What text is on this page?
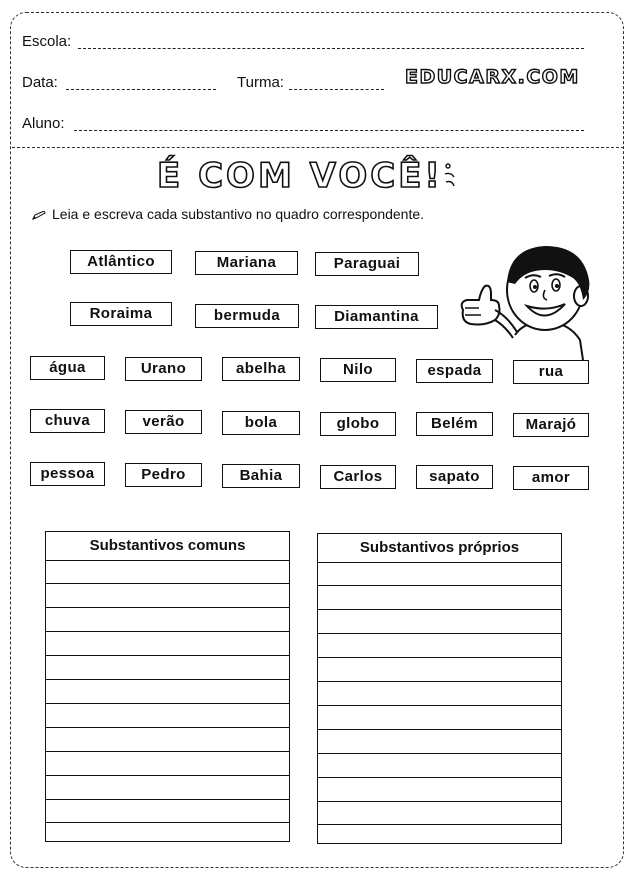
Escola:
Data:	Turma:	EDUCARX.COM
Aluno:
É COM VOCÊ!
Leia e escreva cada substantivo no quadro correspondente.
Atlântico	Mariana	Paraguai
Roraima	bermuda	Diamantina
água	Urano	abelha	Nilo	espada	rua
chuva	verão	bola	globo	Belém	Marajó
pessoa	Pedro	Bahia	Carlos	sapato	amor
Substantivos comuns	Substantivos próprios
